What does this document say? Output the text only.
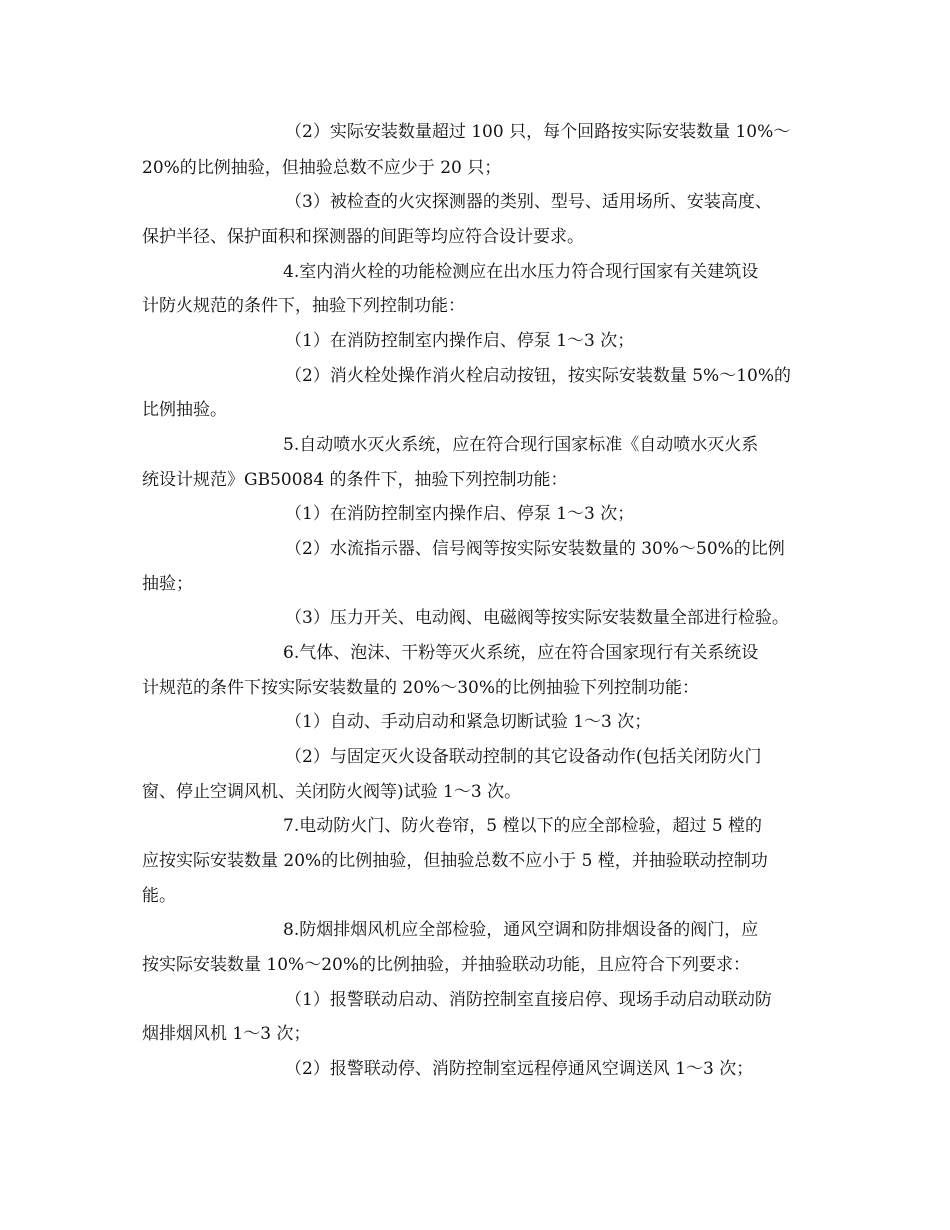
（2）实际安装数量超过 100 只，每个回路按实际安装数量 10%～
20%的比例抽验，但抽验总数不应少于 20 只；
（3）被检查的火灾探测器的类别、型号、适用场所、安装高度、
保护半径、保护面积和探测器的间距等均应符合设计要求。
4.室内消火栓的功能检测应在出水压力符合现行国家有关建筑设
计防火规范的条件下，抽验下列控制功能：
（1）在消防控制室内操作启、停泵 1～3 次；
（2）消火栓处操作消火栓启动按钮，按实际安装数量 5%～10%的
比例抽验。
5.自动喷水灭火系统，应在符合现行国家标准《自动喷水灭火系
统设计规范》GB50084 的条件下，抽验下列控制功能：
（1）在消防控制室内操作启、停泵 1～3 次；
（2）水流指示器、信号阀等按实际安装数量的 30%～50%的比例
抽验；
（3）压力开关、电动阀、电磁阀等按实际安装数量全部进行检验。
6.气体、泡沫、干粉等灭火系统，应在符合国家现行有关系统设
计规范的条件下按实际安装数量的 20%～30%的比例抽验下列控制功能：
（1）自动、手动启动和紧急切断试验 1～3 次；
（2）与固定灭火设备联动控制的其它设备动作(包括关闭防火门
窗、停止空调风机、关闭防火阀等)试验 1～3 次。
7.电动防火门、防火卷帘，5 樘以下的应全部检验，超过 5 樘的
应按实际安装数量 20%的比例抽验，但抽验总数不应小于 5 樘，并抽验联动控制功
能。
8.防烟排烟风机应全部检验，通风空调和防排烟设备的阀门，应
按实际安装数量 10%～20%的比例抽验，并抽验联动功能，且应符合下列要求：
（1）报警联动启动、消防控制室直接启停、现场手动启动联动防
烟排烟风机 1～3 次；
（2）报警联动停、消防控制室远程停通风空调送风 1～3 次；
